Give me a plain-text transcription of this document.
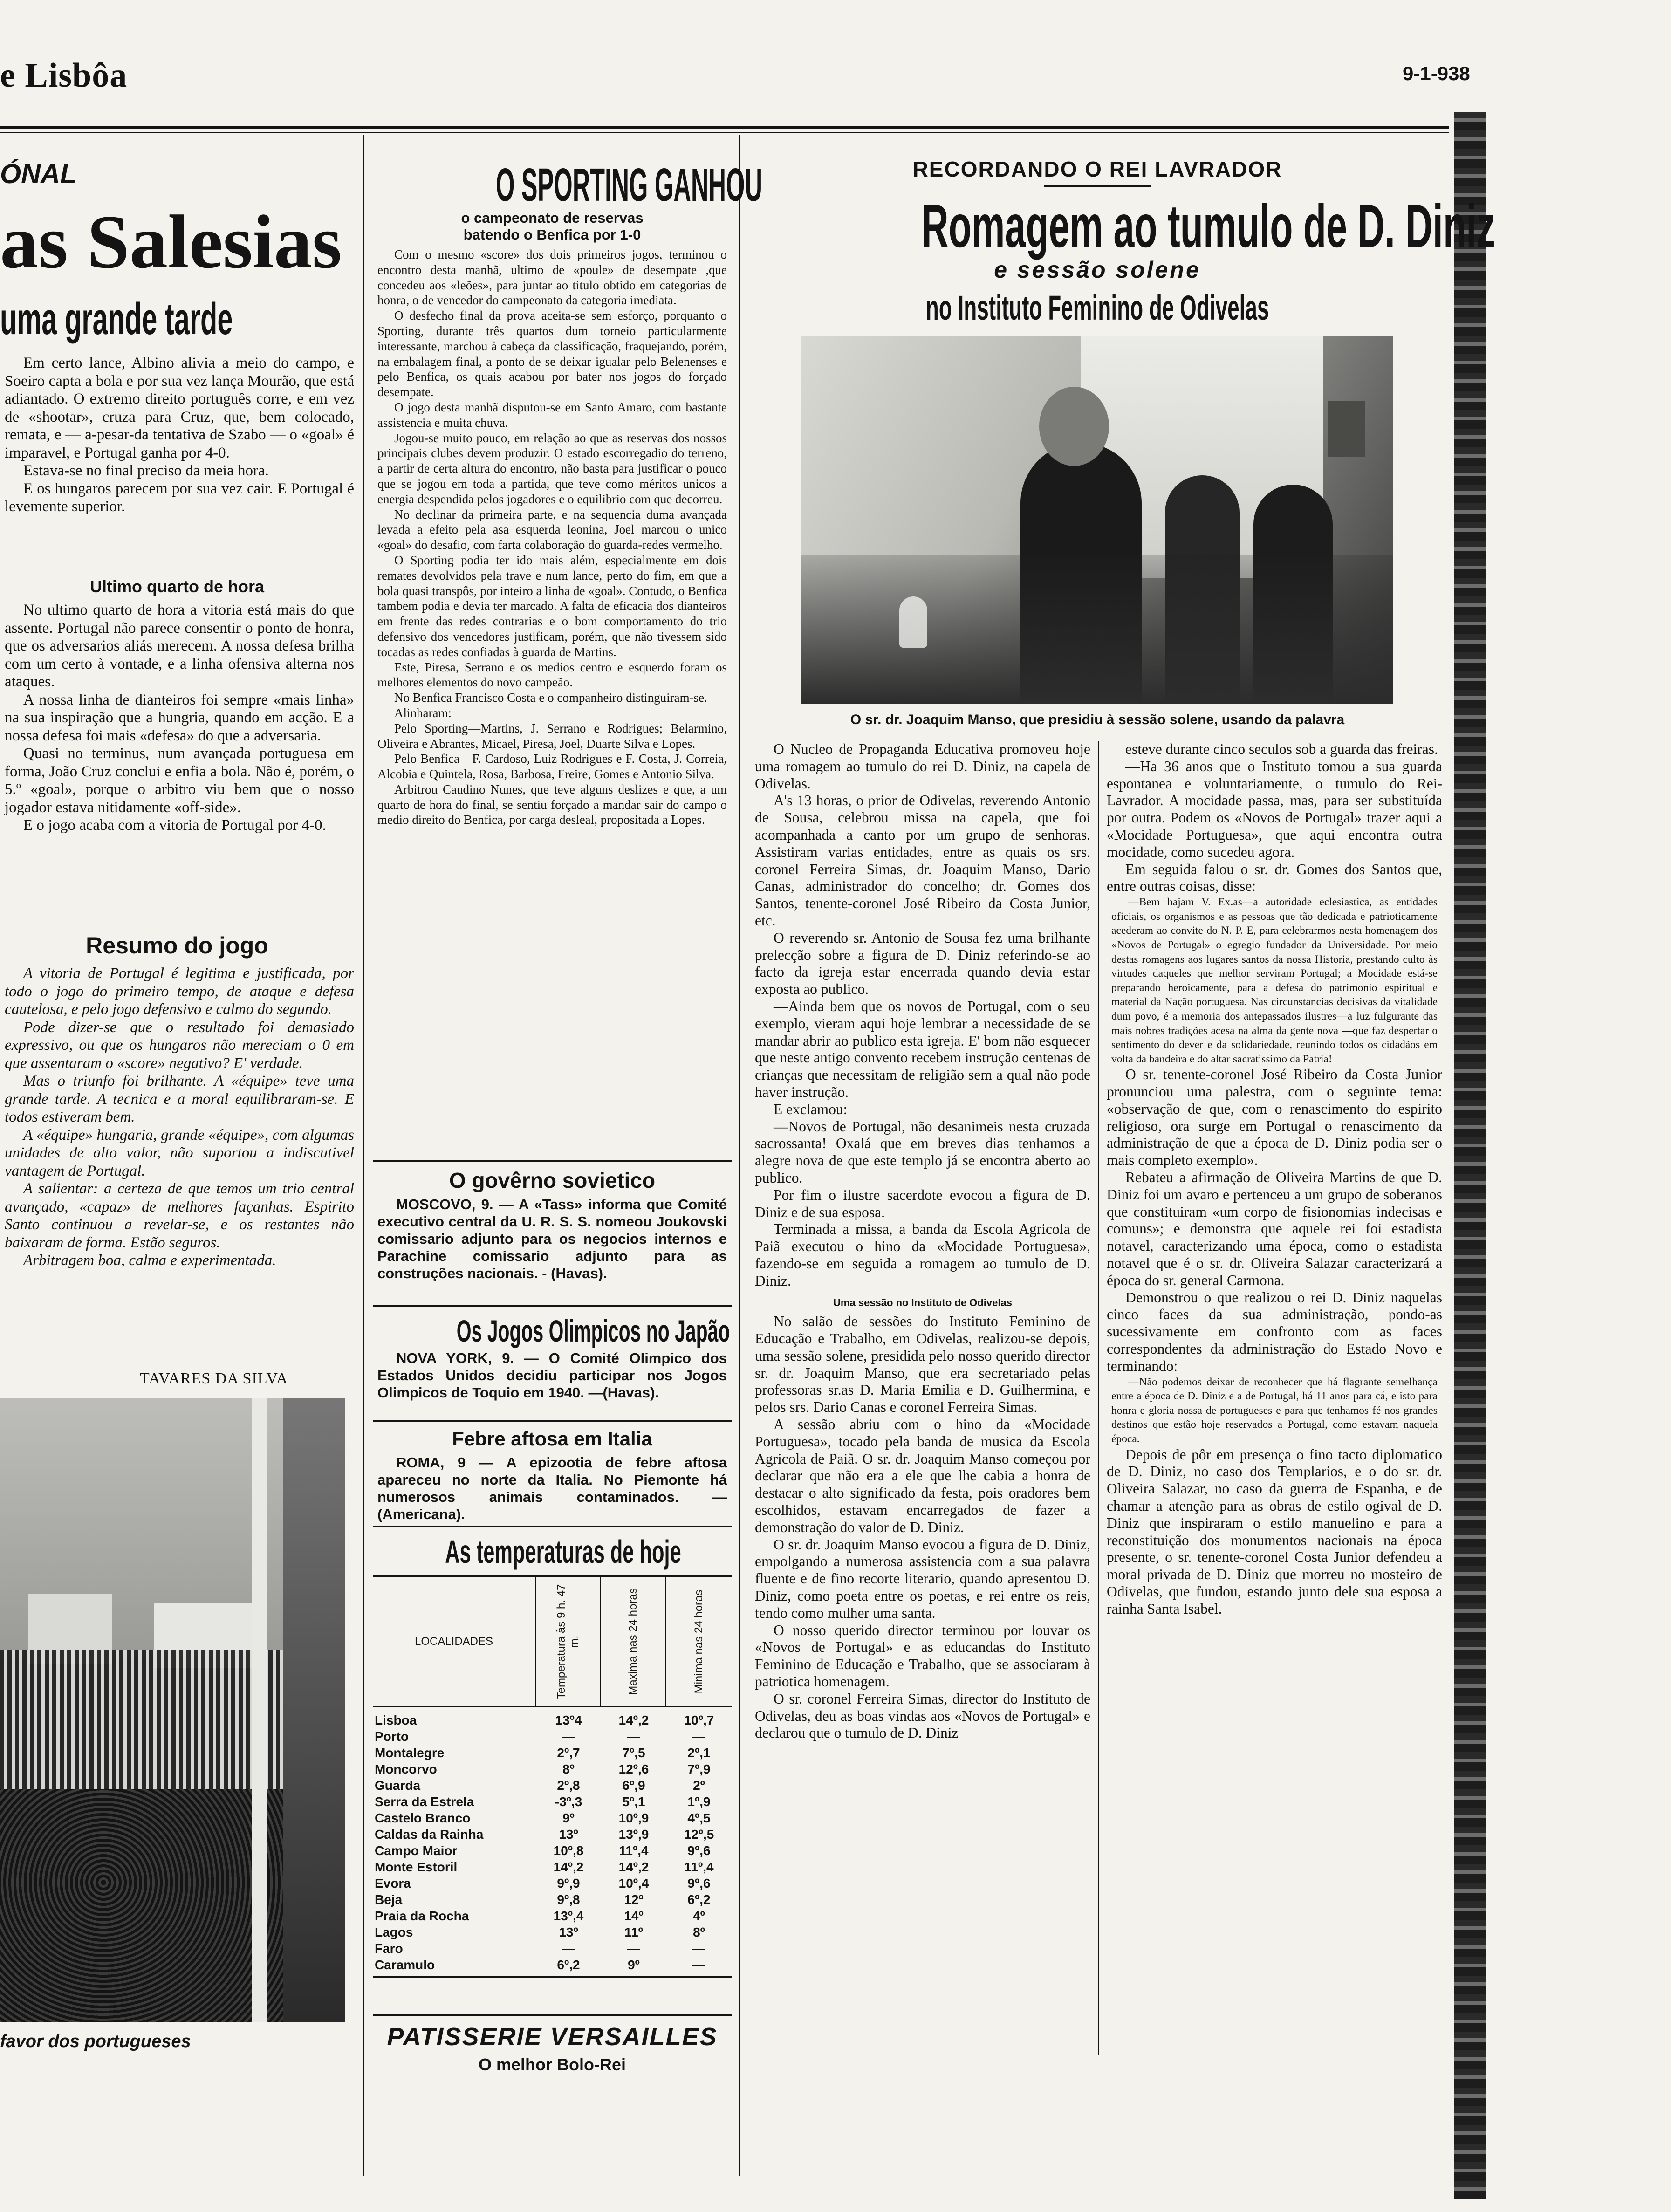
e Lisbôa	9-1-938
ÓNAL
as Salesias
uma grande tarde

Em certo lance, Albino alivia a meio do campo, e Soeiro capta a bola e por sua vez lança Mourão, que está adiantado. O extremo direito português corre, e em vez de «shootar», cruza para Cruz, que, bem colocado, remata, e — a-pesar-da tentativa de Szabo — o «goal» é imparavel, e Portugal ganha por 4-0.

Estava-se no final preciso da meia hora.

E os hungaros parecem por sua vez cair. E Portugal é levemente superior.

Ultimo quarto de hora

No ultimo quarto de hora a vitoria está mais do que assente. Portugal não parece consentir o ponto de honra, que os adversarios aliás merecem. A nossa defesa brilha com um certo à vontade, e a linha ofensiva alterna nos ataques.

A nossa linha de dianteiros foi sempre «mais linha» na sua inspiração que a hungria, quando em acção. E a nossa defesa foi mais «defesa» do que a adversaria.

Quasi no terminus, num avançada portuguesa em forma, João Cruz conclui e enfia a bola. Não é, porém, o 5.º «goal», porque o arbitro viu bem que o nosso jogador estava nitidamente «off-side».

E o jogo acaba com a vitoria de Portugal por 4-0.

Resumo do jogo

A vitoria de Portugal é legitima e justificada, por todo o jogo do primeiro tempo, de ataque e defesa cautelosa, e pelo jogo defensivo e calmo do segundo.

Pode dizer-se que o resultado foi demasiado expressivo, ou que os hungaros não mereciam o 0 em que assentaram o «score» negativo? E' verdade.

Mas o triunfo foi brilhante. A «équipe» teve uma grande tarde. A tecnica e a moral equilibraram-se. E todos estiveram bem.

A «équipe» hungaria, grande «équipe», com algumas unidades de alto valor, não suportou a indiscutivel vantagem de Portugal.

A salientar: a certeza de que temos um trio central avançado, «capaz» de melhores façanhas. Espirito Santo continuou a revelar-se, e os restantes não baixaram de forma. Estão seguros.

Arbitragem boa, calma e experimentada.

TAVARES DA SILVA
favor dos portugueses
O SPORTING GANHOU
o campeonato de reservas
batendo o Benfica por 1-0

Com o mesmo «score» dos dois primeiros jogos, terminou o encontro desta manhã, ultimo de «poule» de desempate ,que concedeu aos «leões», para juntar ao titulo obtido em categorias de honra, o de vencedor do campeonato da categoria imediata.

O desfecho final da prova aceita-se sem esforço, porquanto o Sporting, durante três quartos dum torneio particularmente interessante, marchou à cabeça da classificação, fraquejando, porém, na embalagem final, a ponto de se deixar igualar pelo Belenenses e pelo Benfica, os quais acabou por bater nos jogos do forçado desempate.

O jogo desta manhã disputou-se em Santo Amaro, com bastante assistencia e muita chuva.

Jogou-se muito pouco, em relação ao que as reservas dos nossos principais clubes devem produzir. O estado escorregadio do terreno, a partir de certa altura do encontro, não basta para justificar o pouco que se jogou em toda a partida, que teve como méritos unicos a energia despendida pelos jogadores e o equilibrio com que decorreu.

No declinar da primeira parte, e na sequencia duma avançada levada a efeito pela asa esquerda leonina, Joel marcou o unico «goal» do desafio, com farta colaboração do guarda-redes vermelho.

O Sporting podia ter ido mais além, especialmente em dois remates devolvidos pela trave e num lance, perto do fim, em que a bola quasi transpôs, por inteiro a linha de «goal». Contudo, o Benfica tambem podia e devia ter marcado. A falta de eficacia dos dianteiros em frente das redes contrarias e o bom comportamento do trio defensivo dos vencedores justificam, porém, que não tivessem sido tocadas as redes confiadas à guarda de Martins.

Este, Piresa, Serrano e os medios centro e esquerdo foram os melhores elementos do novo campeão.

No Benfica Francisco Costa e o companheiro distinguiram-se.

Alinharam:

Pelo Sporting—Martins, J. Serrano e Rodrigues; Belarmino, Oliveira e Abrantes, Micael, Piresa, Joel, Duarte Silva e Lopes.

Pelo Benfica—F. Cardoso, Luiz Rodrigues e F. Costa, J. Correia, Alcobia e Quintela, Rosa, Barbosa, Freire, Gomes e Antonio Silva.

Arbitrou Caudino Nunes, que teve alguns deslizes e que, a um quarto de hora do final, se sentiu forçado a mandar sair do campo o medio direito do Benfica, por carga desleal, propositada a Lopes.

O govêrno sovietico

MOSCOVO, 9. — A «Tass» informa que Comité executivo central da U. R. S. S. nomeou Joukovski comissario adjunto para os negocios internos e Parachine comissario adjunto para as construções nacionais. - (Havas).

Os Jogos Olimpicos no Japão

NOVA YORK, 9. — O Comité Olimpico dos Estados Unidos decidiu participar nos Jogos Olimpicos de Toquio em 1940. —(Havas).

Febre aftosa em Italia

ROMA, 9 — A epizootia de febre aftosa apareceu no norte da Italia. No Piemonte há numerosos animais contaminados. — (Americana).

As temperaturas de hoje
LOCALIDADES	Temperatura às 9 h. 47 m.	Maxima nas 24 horas	Minima nas 24 horas
Lisboa	13º4	14º,2	10º,7
Porto	—	—	—
Montalegre	2º,7	7º,5	2º,1
Moncorvo	8º	12º,6	7º,9
Guarda	2º,8	6º,9	2º
Serra da Estrela	-3º,3	5º,1	1º,9
Castelo Branco	9º	10º,9	4º,5
Caldas da Rainha	13º	13º,9	12º,5
Campo Maior	10º,8	11º,4	9º,6
Monte Estoril	14º,2	14º,2	11º,4
Evora	9º,9	10º,4	9º,6
Beja	9º,8	12º	6º,2
Praia da Rocha	13º,4	14º	4º
Lagos	13º	11º	8º
Faro	—	—	—
Caramulo	6º,2	9º	—
PATISSERIE VERSAILLES
O melhor Bolo-Rei
RECORDANDO O REI LAVRADOR
Romagem ao tumulo de D. Diniz
e sessão solene
no Instituto Feminino de Odivelas
O sr. dr. Joaquim Manso, que presidiu à sessão solene, usando da palavra

O Nucleo de Propaganda Educativa promoveu hoje uma romagem ao tumulo do rei D. Diniz, na capela de Odivelas.

A's 13 horas, o prior de Odivelas, reverendo Antonio de Sousa, celebrou missa na capela, que foi acompanhada a canto por um grupo de senhoras. Assistiram varias entidades, entre as quais os srs. coronel Ferreira Simas, dr. Joaquim Manso, Dario Canas, administrador do concelho; dr. Gomes dos Santos, tenente-coronel José Ribeiro da Costa Junior, etc.

O reverendo sr. Antonio de Sousa fez uma brilhante prelecção sobre a figura de D. Diniz referindo-se ao facto da igreja estar encerrada quando devia estar exposta ao publico.

—Ainda bem que os novos de Portugal, com o seu exemplo, vieram aqui hoje lembrar a necessidade de se mandar abrir ao publico esta igreja. E' bom não esquecer que neste antigo convento recebem instrução centenas de crianças que necessitam de religião sem a qual não pode haver instrução.

E exclamou:

—Novos de Portugal, não desanimeis nesta cruzada sacrossanta! Oxalá que em breves dias tenhamos a alegre nova de que este templo já se encontra aberto ao publico.

Por fim o ilustre sacerdote evocou a figura de D. Diniz e de sua esposa.

Terminada a missa, a banda da Escola Agricola de Paiã executou o hino da «Mocidade Portuguesa», fazendo-se em seguida a romagem ao tumulo de D. Diniz.

Uma sessão no Instituto de Odivelas

No salão de sessões do Instituto Feminino de Educação e Trabalho, em Odivelas, realizou-se depois, uma sessão solene, presidida pelo nosso querido director sr. dr. Joaquim Manso, que era secretariado pelas professoras sr.as D. Maria Emilia e D. Guilhermina, e pelos srs. Dario Canas e coronel Ferreira Simas.

A sessão abriu com o hino da «Mocidade Portuguesa», tocado pela banda de musica da Escola Agricola de Paiã. O sr. dr. Joaquim Manso começou por declarar que não era a ele que lhe cabia a honra de destacar o alto significado da festa, pois oradores bem escolhidos, estavam encarregados de fazer a demonstração do valor de D. Diniz.

O sr. dr. Joaquim Manso evocou a figura de D. Diniz, empolgando a numerosa assistencia com a sua palavra fluente e de fino recorte literario, quando apresentou D. Diniz, como poeta entre os poetas, e rei entre os reis, tendo como mulher uma santa.

O nosso querido director terminou por louvar os «Novos de Portugal» e as educandas do Instituto Feminino de Educação e Trabalho, que se associaram à patriotica homenagem.

O sr. coronel Ferreira Simas, director do Instituto de Odivelas, deu as boas vindas aos «Novos de Portugal» e declarou que o tumulo de D. Diniz

esteve durante cinco seculos sob a guarda das freiras.

—Ha 36 anos que o Instituto tomou a sua guarda espontanea e voluntariamente, o tumulo do Rei-Lavrador. A mocidade passa, mas, para ser substituída por outra. Podem os «Novos de Portugal» trazer aqui a «Mocidade Portuguesa», que aqui encontra outra mocidade, como sucedeu agora.

Em seguida falou o sr. dr. Gomes dos Santos que, entre outras coisas, disse:

—Bem hajam V. Ex.as—a autoridade eclesiastica, as entidades oficiais, os organismos e as pessoas que tão dedicada e patrioticamente acederam ao convite do N. P. E, para celebrarmos nesta homenagem dos «Novos de Portugal» o egregio fundador da Universidade. Por meio destas romagens aos lugares santos da nossa Historia, prestando culto às virtudes daqueles que melhor serviram Portugal; a Mocidade está-se preparando heroicamente, para a defesa do patrimonio espiritual e material da Nação portuguesa. Nas circunstancias decisivas da vitalidade dum povo, é a memoria dos antepassados ilustres—a luz fulgurante das mais nobres tradições acesa na alma da gente nova —que faz despertar o sentimento do dever e da solidariedade, reunindo todos os cidadãos em volta da bandeira e do altar sacratissimo da Patria!

O sr. tenente-coronel José Ribeiro da Costa Junior pronunciou uma palestra, com o seguinte tema: «observação de que, com o renascimento do espirito religioso, ora surge em Portugal o renascimento da administração de que a época de D. Diniz podia ser o mais completo exemplo».

Rebateu a afirmação de Oliveira Martins de que D. Diniz foi um avaro e pertenceu a um grupo de soberanos que constituiram «um corpo de fisionomias indecisas e comuns»; e demonstra que aquele rei foi estadista notavel, caracterizando uma época, como o estadista notavel que é o sr. dr. Oliveira Salazar caracterizará a época do sr. general Carmona.

Demonstrou o que realizou o rei D. Diniz naquelas cinco faces da sua administração, pondo-as sucessivamente em confronto com as faces correspondentes da administração do Estado Novo e terminando:

—Não podemos deixar de reconhecer que há flagrante semelhança entre a época de D. Diniz e a de Portugal, há 11 anos para cá, e isto para honra e gloria nossa de portugueses e para que tenhamos fé nos grandes destinos que estão hoje reservados a Portugal, como estavam naquela época.

Depois de pôr em presença o fino tacto diplomatico de D. Diniz, no caso dos Templarios, e o do sr. dr. Oliveira Salazar, no caso da guerra de Espanha, e de chamar a atenção para as obras de estilo ogival de D. Diniz que inspiraram o estilo manuelino e para a reconstituição dos monumentos nacionais na época presente, o sr. tenente-coronel Costa Junior defendeu a moral privada de D. Diniz que morreu no mosteiro de Odivelas, que fundou, estando junto dele sua esposa a rainha Santa Isabel.
